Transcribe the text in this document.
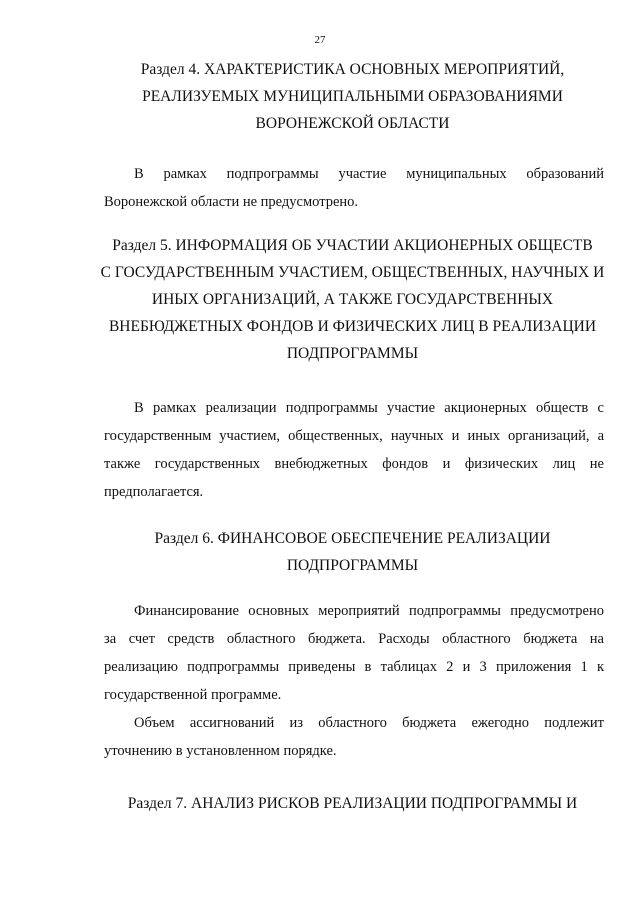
27
Раздел 4. ХАРАКТЕРИСТИКА ОСНОВНЫХ МЕРОПРИЯТИЙ,
РЕАЛИЗУЕМЫХ МУНИЦИПАЛЬНЫМИ ОБРАЗОВАНИЯМИ
ВОРОНЕЖСКОЙ ОБЛАСТИ
В рамках подпрограммы участие муниципальных образований
Воронежской области не предусмотрено.
Раздел 5. ИНФОРМАЦИЯ ОБ УЧАСТИИ АКЦИОНЕРНЫХ ОБЩЕСТВ
С ГОСУДАРСТВЕННЫМ УЧАСТИЕМ, ОБЩЕСТВЕННЫХ, НАУЧНЫХ И
ИНЫХ ОРГАНИЗАЦИЙ, А ТАКЖЕ ГОСУДАРСТВЕННЫХ
ВНЕБЮДЖЕТНЫХ ФОНДОВ И ФИЗИЧЕСКИХ ЛИЦ В РЕАЛИЗАЦИИ
ПОДПРОГРАММЫ
В рамках реализации подпрограммы участие акционерных обществ с
государственным участием, общественных, научных и иных организаций, а
также государственных внебюджетных фондов и физических лиц не
предполагается.
Раздел 6. ФИНАНСОВОЕ ОБЕСПЕЧЕНИЕ РЕАЛИЗАЦИИ
ПОДПРОГРАММЫ
Финансирование основных мероприятий подпрограммы предусмотрено
за счет средств областного бюджета. Расходы областного бюджета на
реализацию подпрограммы приведены в таблицах 2 и 3 приложения 1 к
государственной программе.
Объем ассигнований из областного бюджета ежегодно подлежит
уточнению в установленном порядке.
Раздел 7. АНАЛИЗ РИСКОВ РЕАЛИЗАЦИИ ПОДПРОГРАММЫ И
